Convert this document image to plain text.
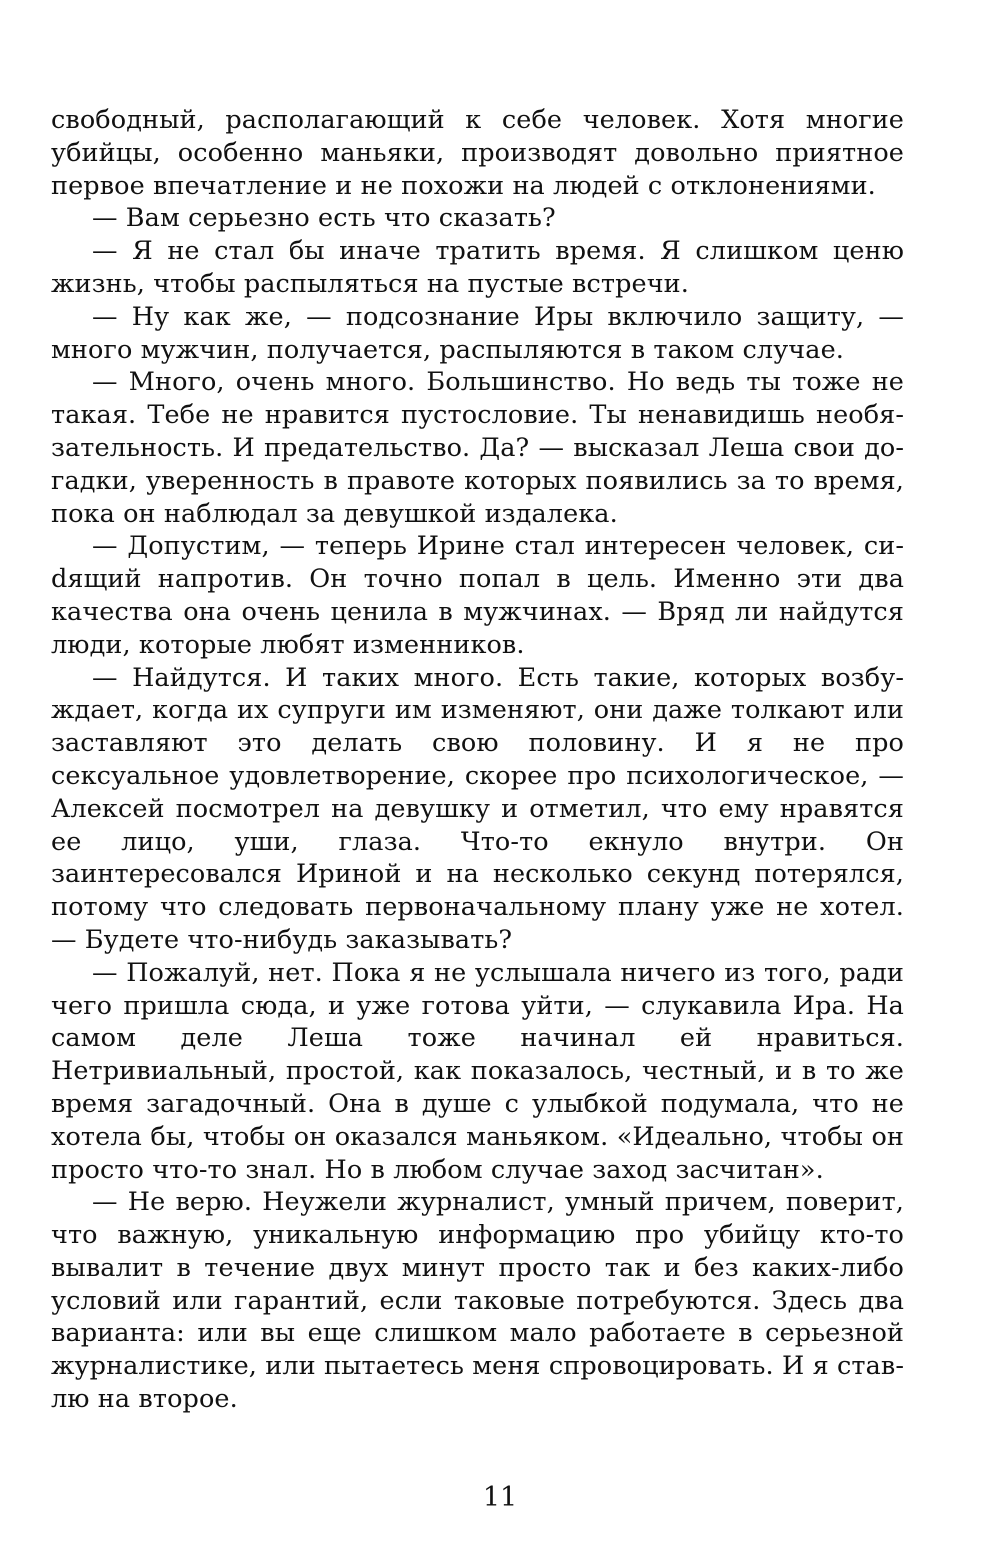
свободный, располагающий к себе человек. Хотя многие убийцы, особенно маньяки, производят довольно приятное первое впечатление и не похожи на людей с отклонениями.

— Вам серьезно есть что сказать?

— Я не стал бы иначе тратить время. Я слишком ценю жизнь, чтобы распыляться на пустые встречи.

— Ну как же, — подсознание Иры включило защиту, — много мужчин, получается, распыляются в таком случае.

— Много, очень много. Большинство. Но ведь ты тоже не такая. Тебе не нравится пустословие. Ты ненавидишь необязательность. И предательство. Да? — высказал Леша свои догадки, уверенность в правоте которых появились за то время, пока он наблюдал за девушкой издалека.

— Допустим, — теперь Ирине стал интересен человек, сиdящий напротив. Он точно попал в цель. Именно эти два качества она очень ценила в мужчинах. — Вряд ли найдутся люди, которые любят изменников.

— Найдутся. И таких много. Есть такие, которых возбуждает, когда их супруги им изменяют, они даже толкают или заставляют это делать свою половину. И я не про сексуальное удовлетворение, скорее про психологическое, — Алексей посмотрел на девушку и отметил, что ему нравятся ее лицо, уши, глаза. Что-то екнуло внутри. Он заинтересовался Ириной и на несколько секунд потерялся, потому что следовать первоначальному плану уже не хотел. — Будете что-нибудь заказывать?

— Пожалуй, нет. Пока я не услышала ничего из того, ради чего пришла сюда, и уже готова уйти, — слукавила Ира. На самом деле Леша тоже начинал ей нравиться. Нетривиальный, простой, как показалось, честный, и в то же время загадочный. Она в душе с улыбкой подумала, что не хотела бы, чтобы он оказался маньяком. «Идеально, чтобы он просто что-то знал. Но в любом случае заход засчитан».

— Не верю. Неужели журналист, умный причем, поверит, что важную, уникальную информацию про убийцу кто-то вывалит в течение двух минут просто так и без каких-либо условий или гарантий, если таковые потребуются. Здесь два варианта: или вы еще слишком мало работаете в серьезной журналистике, или пытаетесь меня спровоцировать. И я ставлю на второе.

11
